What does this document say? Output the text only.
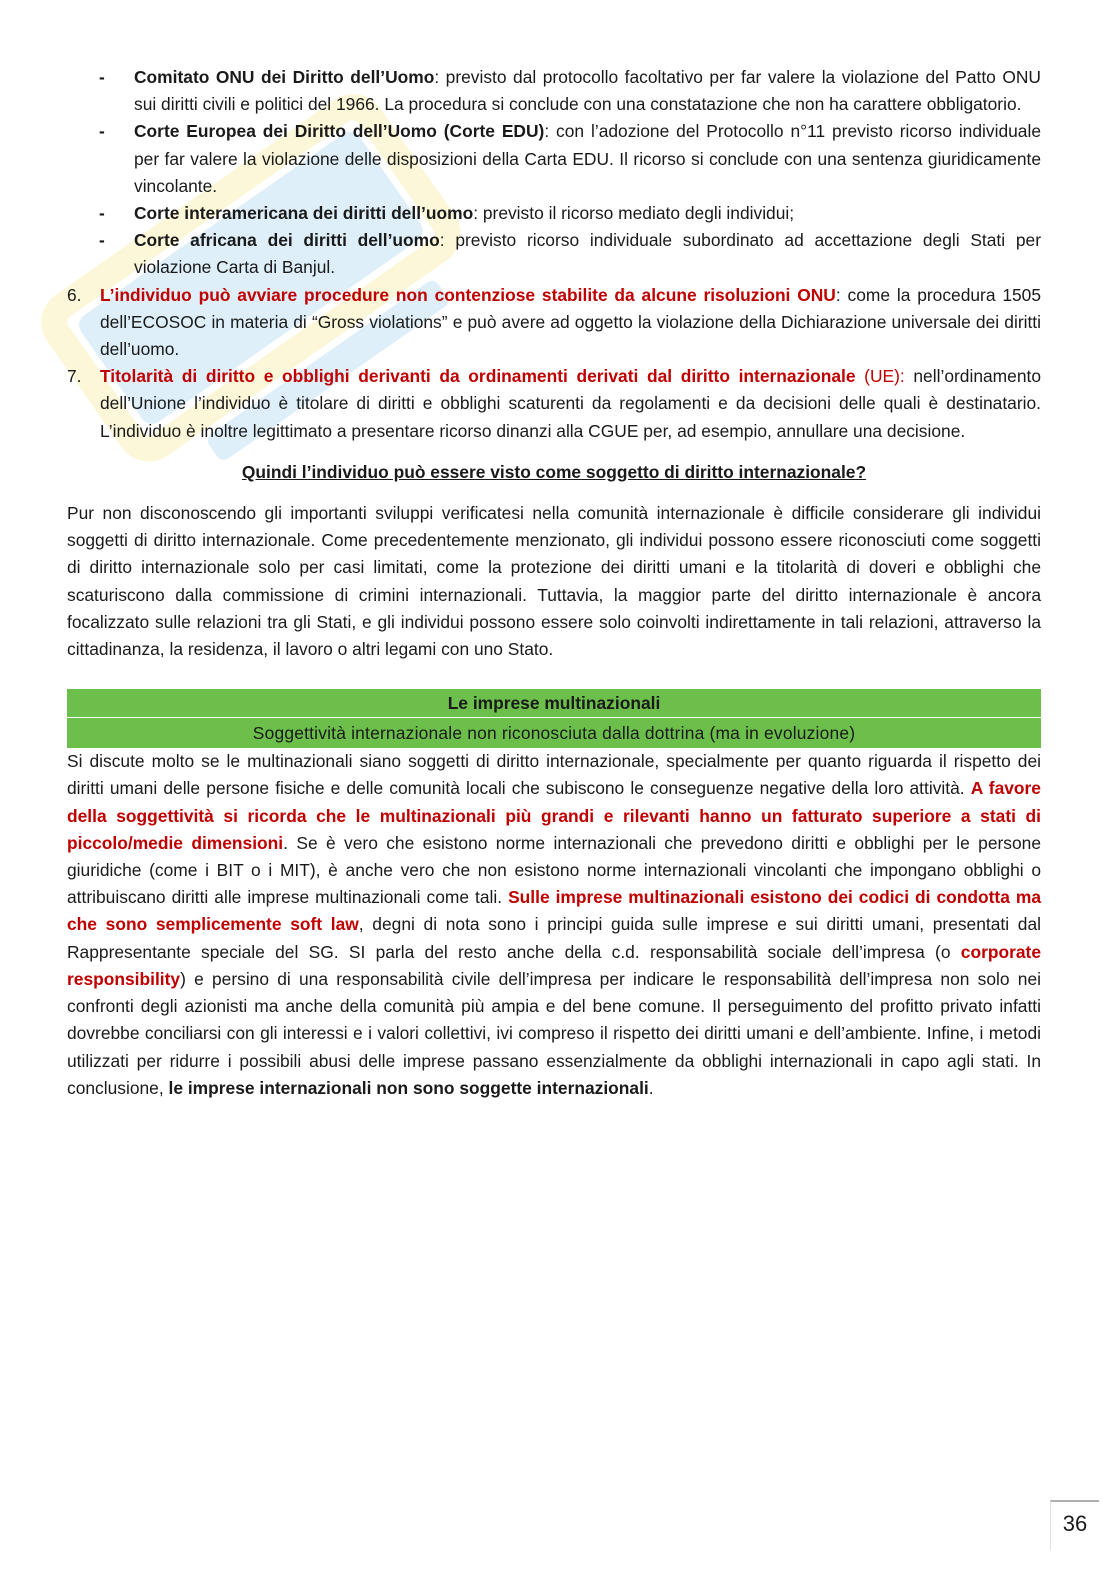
- Comitato ONU dei Diritto dell’Uomo: previsto dal protocollo facoltativo per far valere la violazione del Patto ONU sui diritti civili e politici del 1966. La procedura si conclude con una constatazione che non ha carattere obbligatorio.

- Corte Europea dei Diritto dell’Uomo (Corte EDU): con l’adozione del Protocollo n°11 previsto ricorso individuale per far valere la violazione delle disposizioni della Carta EDU. Il ricorso si conclude con una sentenza giuridicamente vincolante.

- Corte interamericana dei diritti dell’uomo: previsto il ricorso mediato degli individui;

- Corte africana dei diritti dell’uomo: previsto ricorso individuale subordinato ad accettazione degli Stati per violazione Carta di Banjul.

6. L’individuo può avviare procedure non contenziose stabilite da alcune risoluzioni ONU: come la procedura 1505 dell’ECOSOC in materia di “Gross violations” e può avere ad oggetto la violazione della Dichiarazione universale dei diritti dell’uomo.

7. Titolarità di diritto e obblighi derivanti da ordinamenti derivati dal diritto internazionale (UE): nell’ordinamento dell’Unione l’individuo è titolare di diritti e obblighi scaturenti da regolamenti e da decisioni delle quali è destinatario. L’individuo è inoltre legittimato a presentare ricorso dinanzi alla CGUE per, ad esempio, annullare una decisione.

Quindi l’individuo può essere visto come soggetto di diritto internazionale?

Pur non disconoscendo gli importanti sviluppi verificatesi nella comunità internazionale è difficile considerare gli individui soggetti di diritto internazionale. Come precedentemente menzionato, gli individui possono essere riconosciuti come soggetti di diritto internazionale solo per casi limitati, come la protezione dei diritti umani e la titolarità di doveri e obblighi che scaturiscono dalla commissione di crimini internazionali. Tuttavia, la maggior parte del diritto internazionale è ancora focalizzato sulle relazioni tra gli Stati, e gli individui possono essere solo coinvolti indirettamente in tali relazioni, attraverso la cittadinanza, la residenza, il lavoro o altri legami con uno Stato.

Le imprese multinazionali
Soggettività internazionale non riconosciuta dalla dottrina (ma in evoluzione)

Si discute molto se le multinazionali siano soggetti di diritto internazionale, specialmente per quanto riguarda il rispetto dei diritti umani delle persone fisiche e delle comunità locali che subiscono le conseguenze negative della loro attività. A favore della soggettività si ricorda che le multinazionali più grandi e rilevanti hanno un fatturato superiore a stati di piccolo/medie dimensioni. Se è vero che esistono norme internazionali che prevedono diritti e obblighi per le persone giuridiche (come i BIT o i MIT), è anche vero che non esistono norme internazionali vincolanti che impongano obblighi o attribuiscano diritti alle imprese multinazionali come tali. Sulle imprese multinazionali esistono dei codici di condotta ma che sono semplicemente soft law, degni di nota sono i principi guida sulle imprese e sui diritti umani, presentati dal Rappresentante speciale del SG. SI parla del resto anche della c.d. responsabilità sociale dell’impresa (o corporate responsibility) e persino di una responsabilità civile dell’impresa per indicare le responsabilità dell’impresa non solo nei confronti degli azionisti ma anche della comunità più ampia e del bene comune. Il perseguimento del profitto privato infatti dovrebbe conciliarsi con gli interessi e i valori collettivi, ivi compreso il rispetto dei diritti umani e dell’ambiente. Infine, i metodi utilizzati per ridurre i possibili abusi delle imprese passano essenzialmente da obblighi internazionali in capo agli stati. In conclusione, le imprese internazionali non sono soggette internazionali.

36
